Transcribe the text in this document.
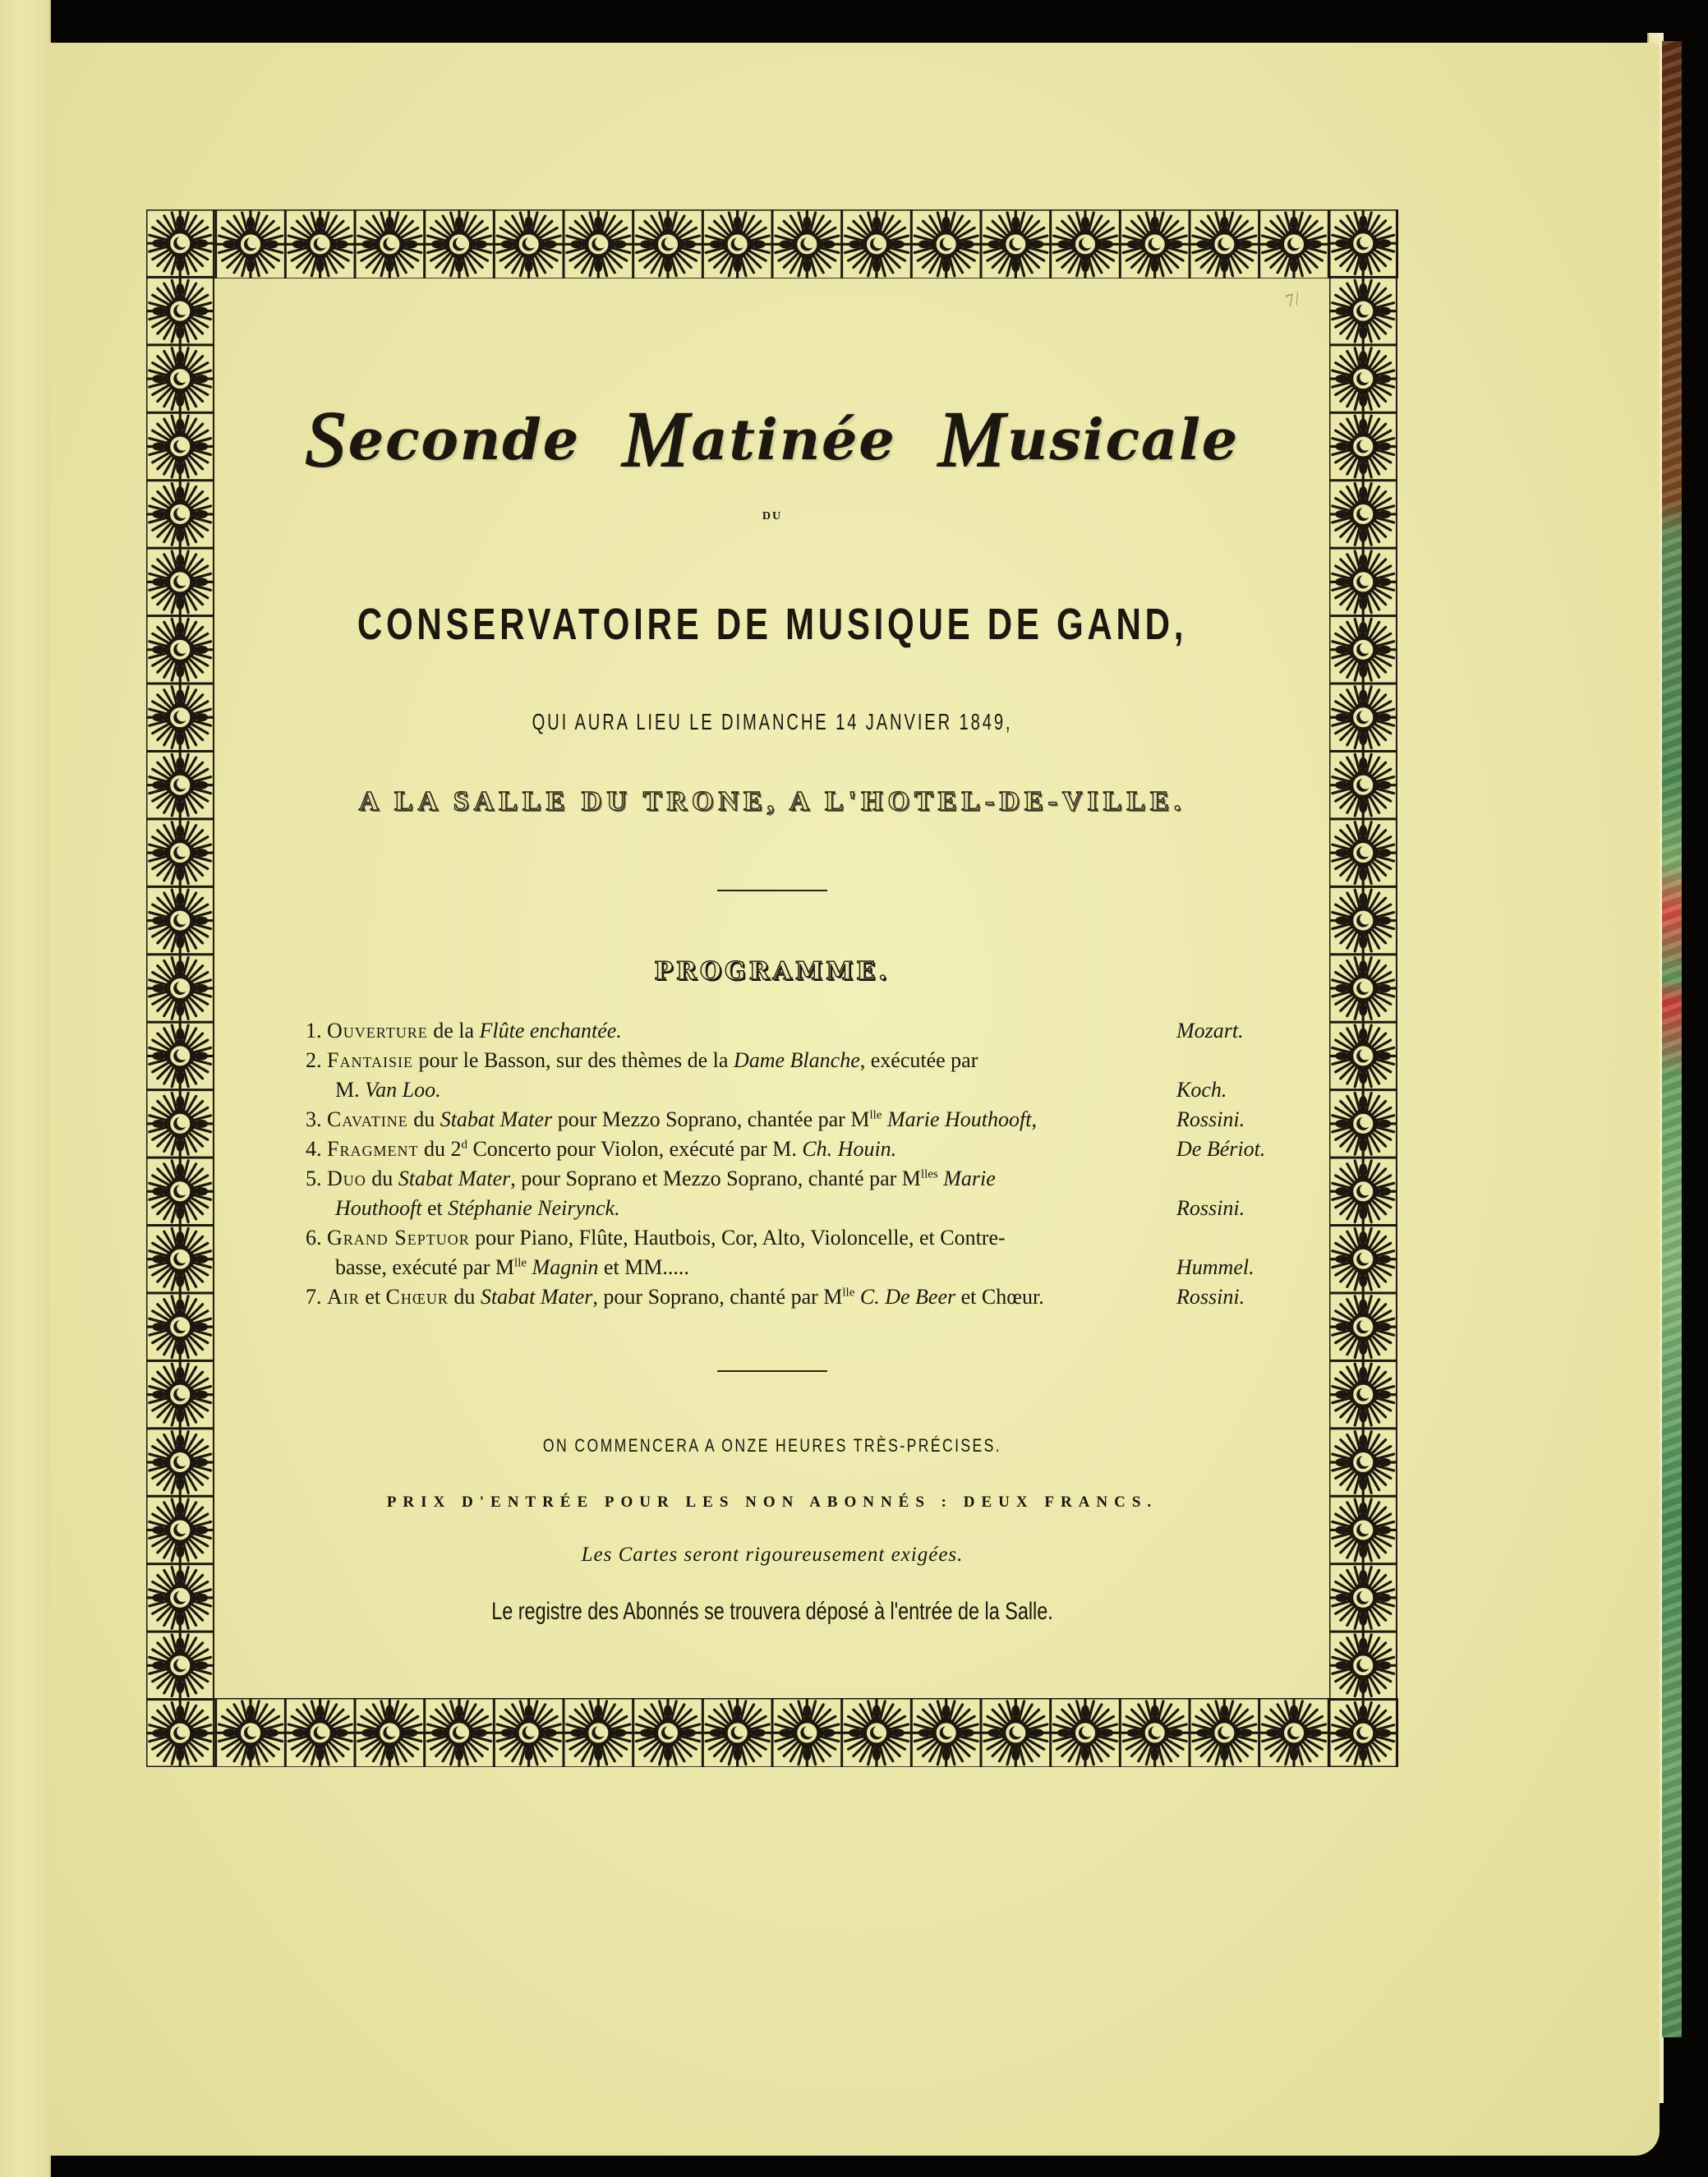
7/
Seconde Matinée Musicale
DU
CONSERVATOIRE DE MUSIQUE DE GAND,
QUI AURA LIEU LE DIMANCHE 14 JANVIER 1849,
A LA SALLE DU TRONE, A L'HOTEL-DE-VILLE.
PROGRAMME.
1. Ouverture de la Flûte enchantée.	Mozart.
2. Fantaisie pour le Basson, sur des thèmes de la Dame Blanche, exécutée par
M. Van Loo.	Koch.
3. Cavatine du Stabat Mater pour Mezzo Soprano, chantée par $M^{lle}$ Marie Houthooft,	Rossini.
4. Fragment du 2$^d$ Concerto pour Violon, exécuté par M. Ch. Houin.	De Bériot.
5. Duo du Stabat Mater, pour Soprano et Mezzo Soprano, chanté par $M^{lles}$ Marie
Houthooft et Stéphanie Neirynck.	Rossini.
6. Grand Septuor pour Piano, Flûte, Hautbois, Cor, Alto, Violoncelle, et Contre-
basse, exécuté par $M^{lle}$ Magnin et MM.....	Hummel.
7. Air et Chœur du Stabat Mater, pour Soprano, chanté par $M^{lle}$ C. De Beer et Chœur.	Rossini.
ON COMMENCERA A ONZE HEURES TRÈS-PRÉCISES.
PRIX D'ENTRÉE POUR LES NON ABONNÉS : DEUX FRANCS.
Les Cartes seront rigoureusement exigées.
Le registre des Abonnés se trouvera déposé à l'entrée de la Salle.
